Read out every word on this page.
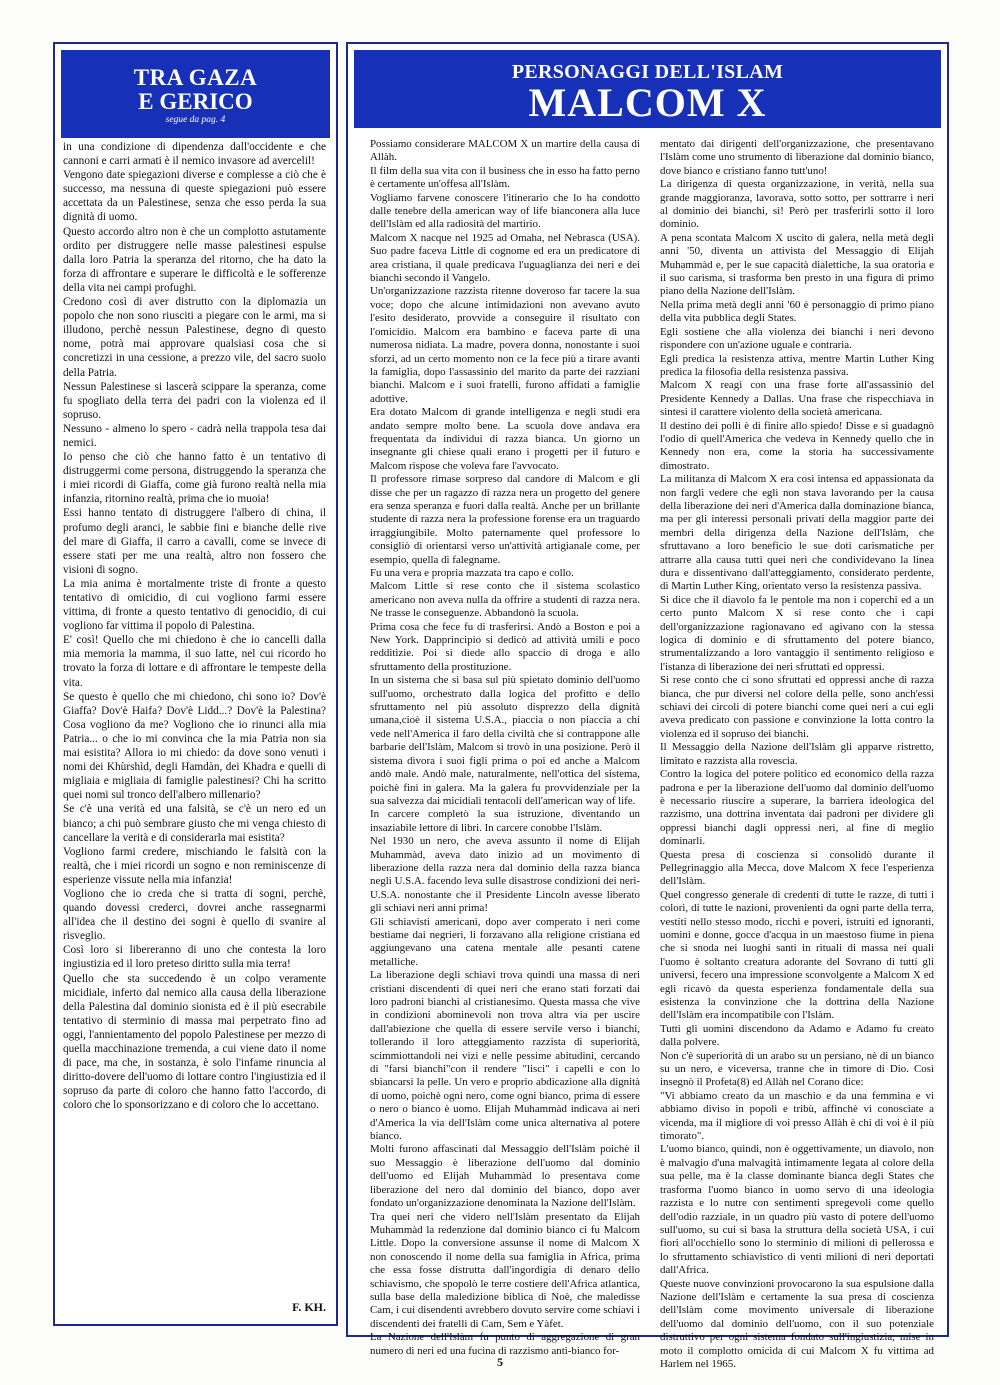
TRA GAZA
E GERICO
segue da pag. 4

in una condizione di dipendenza dall'occidente e che cannoni e carri armati è il nemico invasore ad avercelil!

Vengono date spiegazioni diverse e complesse a ciò che è successo, ma nessuna di queste spiegazioni può essere accettata da un Palestinese, senza che esso perda la sua dignità di uomo.

Questo accordo altro non è che un complotto astutamente ordito per distruggere nelle masse palestinesi espulse dalla loro Patria la speranza del ritorno, che ha dato la forza di affrontare e superare le difficoltà e le sofferenze della vita nei campi profughi.

Credono così di aver distrutto con la diplomazia un popolo che non sono riusciti a piegare con le armi, ma si illudono, perchè nessun Palestinese, degno di questo nome, potrà mai approvare qualsiasi cosa che si concretizzi in una cessione, a prezzo vile, del sacro suolo della Patria.

Nessun Palestinese si lascerà scippare la speranza, come fu spogliato della terra dei padri con la violenza ed il sopruso.

Nessuno - almeno lo spero - cadrà nella trappola tesa dai nemici.

Io penso che ciò che hanno fatto è un tentativo di distruggermi come persona, distruggendo la speranza che i miei ricordi di Giaffa, come già furono realtà nella mia infanzia, ritornino realtà, prima che io muoia!

Essi hanno tentato di distruggere l'albero di china, il profumo degli aranci, le sabbie fini e bianche delle rive del mare di Giaffa, il carro a cavalli, come se invece di essere stati per me una realtà, altro non fossero che visioni di sogno.

La mia anima è mortalmente triste di fronte a questo tentativo di omicidio, di cui vogliono farmi essere vittima, di fronte a questo tentativo di genocidio, di cui vogliono far vittima il popolo di Palestina.

E' così! Quello che mi chiedono è che io cancelli dalla mia memoria la mamma, il suo latte, nel cui ricordo ho trovato la forza di lottare e di affrontare le tempeste della vita.

Se questo è quello che mi chiedono, chi sono io? Dov'è Giaffa? Dov'è Haifa? Dov'è Lidd...? Dov'è la Palestina? Cosa vogliono da me? Vogliono che io rinunci alla mia Patria... o che io mi convinca che la mia Patria non sia mai esistita? Allora io mi chiedo: da dove sono venuti i nomi dei Khùrshìd, degli Hamdàn, dei Khadra e quelli di migliaia e migliaia di famiglie palestinesi? Chi ha scritto quei nomi sul tronco dell'albero millenario?

Se c'è una verità ed una falsità, se c'è un nero ed un bianco; a chi può sembrare giusto che mi venga chiesto di cancellare la verità e di considerarla mai esistita?

Vogliono farmi credere, mischiando le falsità con la realtà, che i miei ricordi un sogno e non reminiscenze di esperienze vissute nella mia infanzia!

Vogliono che io creda che si tratta di sogni, perchè, quando dovessi crederci, dovrei anche rassegnarmi all'idea che il destino dei sogni è quello di svanire al risveglio.

Così loro si libereranno di uno che contesta la loro ingiustizia ed il loro preteso diritto sulla mia terra!

Quello che sta succedendo è un colpo veramente micidiale, inferto dal nemico alla causa della liberazione della Palestina dal dominio sionista ed è il più esecrabile tentativo di sterminio di massa mai perpetrato fino ad oggi, l'annientamento del popolo Palestinese per mezzo di quella macchinazione tremenda, a cui viene dato il nome di pace, ma che, in sostanza, è solo l'infame rinuncia al diritto-dovere dell'uomo di lottare contro l'ingiustizia ed il sopruso da parte di coloro che hanno fatto l'accordo, di coloro che lo sponsorizzano e di coloro che lo accettano.

F. KH.
PERSONAGGI DELL'ISLAM
MALCOM X

Possiamo considerare MALCOM X un martire della causa di Allàh.

Il film della sua vita con il business che in esso ha fatto perno è certamente un'offesa all'Islàm.

Vogliamo farvene conoscere l'itinerario che lo ha condotto dalle tenebre della american way of life bianconera alla luce dell'Islàm ed alla radiosità del martirio.

Malcom X nacque nel 1925 ad Omaha, nel Nebrasca (USA). Suo padre faceva Little di cognome ed era un predicatore di area cristiana, il quale predicava l'uguaglianza dei neri e dei bianchi secondo il Vangelo.

Un'organizzazione razzista ritenne doveroso far tacere la sua voce; dopo che alcune intimidazioni non avevano avuto l'esito desiderato, provvide a conseguire il risultato con l'omicidio. Malcom era bambino e faceva parte di una numerosa nidiata. La madre, povera donna, nonostante i suoi sforzi, ad un certo momento non ce la fece più a tirare avanti la famiglia, dopo l'assassinio del marito da parte dei razziani bianchi. Malcom e i suoi fratelli, furono affidati a famiglie adottive.

Era dotato Malcom di grande intelligenza e negli studi era andato sempre molto bene. La scuola dove andava era frequentata da individui di razza bianca. Un giorno un insegnante gli chiese quali erano i progetti per il futuro e Malcom rispose che voleva fare l'avvocato.

Il professore rimase sorpreso dal candore di Malcom e gli disse che per un ragazzo di razza nera un progetto del genere era senza speranza e fuori dalla realtà. Anche per un brillante studente di razza nera la professione forense era un traguardo irraggiungibile. Molto paternamente quel professore lo consigliò di orientarsi verso un'attività artigianale come, per esempio, quella di falegname.

Fu una vera e propria mazzata tra capo e collo.

Malcom Little si rese conto che il sistema scolastico americano non aveva nulla da offrire a studenti di razza nera. Ne trasse le conseguenze. Abbandonò la scuola.

Prima cosa che fece fu di trasferirsi. Andò a Boston e poi a New York. Dapprincipio si dedicò ad attività umili e poco redditizie. Poi si diede allo spaccio di droga e allo sfruttamento della prostituzione.

In un sistema che si basa sul più spietato dominio dell'uomo sull'uomo, orchestrato dalla logica del profitto e dello sfruttamento nel più assoluto disprezzo della dignità umana,cioè il sistema U.S.A., piaccia o non piaccia a chi vede nell'America il faro della civiltà che si contrappone alle barbarie dell'Islàm, Malcom si trovò in una posizione. Però il sistema divora i suoi figli prima o poi ed anche a Malcom andò male. Andò male, naturalmente, nell'ottica del sistema, poichè finì in galera. Ma la galera fu provvidenziale per la sua salvezza dai micidiali tentacoli dell'american way of life.

In carcere completò la sua istruzione, diventando un insaziabile lettore di libri. In carcere conobbe l'Islàm.

Nel 1930 un nero, che aveva assunto il nome di Elijah Muhammàd, aveva dato inizio ad un movimento di liberazione della razza nera dal dominio della razza bianca negli U.S.A. facendo leva sulle disastrose condizioni dei neri-U.S.A. nonostante che il Presidente Lincoln avesse liberato gli schiavi neri anni prima!

Gli schiavisti americani, dopo aver comperato i neri come bestiame dai negrieri, li forzavano alla religione cristiana ed aggiungevano una catena mentale alle pesanti catene metalliche.

La liberazione degli schiavi trova quindi una massa di neri cristiani discendenti di quei neri che erano stati forzati dai loro padroni bianchi al cristianesimo. Questa massa che vive in condizioni abominevoli non trova altra via per uscire dall'abiezione che quella di essere servile verso i bianchi, tollerando il loro atteggiamento razzista di superiorità, scimmiottandoli nei vizi e nelle pessime abitudini, cercando di "farsi bianchi"con il rendere "lisci" i capelli e con lo sbiancarsi la pelle. Un vero e proprio abdicazione alla dignità di uomo, poichè ogni nero, come ogni bianco, prima di essere o nero o bianco è uomo. Elijah Muhammàd indicava ai neri d'America la via dell'Islàm come unica alternativa al potere bianco.

Molti furono affascinati dal Messaggio dell'Islàm poichè il suo Messaggio è liberazione dell'uomo dal dominio dell'uomo ed Elijah Muhammàd lo presentava come liberazione del nero dal dominio del bianco, dopo aver fondato un'organizzazione denominata la Nazione dell'Islàm.

Tra quei neri che videro nell'Islàm presentato da Elijah Muhammàd la redenzione dal dominio bianco ci fu Malcom Little. Dopo la conversione assunse il nome di Malcom X non conoscendo il nome della sua famiglia in Africa, prima che essa fosse distrutta dall'ingordigia di denaro dello schiavismo, che spopolò le terre costiere dell'Africa atlantica, sulla base della maledizione biblica di Noè, che maledisse Cam, i cui disendenti avrebbero dovuto servire come schiavi i discendenti dei fratelli di Cam, Sem e Yàfet.

La Nazione dell'Islàm fu punto di aggregazione di gran numero di neri ed una fucina di razzismo anti-bianco for-

mentato dai dirigenti dell'organizzazione, che presentavano l'Islàm come uno strumento di liberazione dal dominio bianco, dove bianco e cristiano fanno tutt'uno!

La dirigenza di questa organizzazione, in verità, nella sua grande maggioranza, lavorava, sotto sotto, per sottrarre i neri al dominio dei bianchi, sì! Però per trasferirli sotto il loro dominio.

A pena scontata Malcom X uscito di galera, nella metà degli anni '50, diventa un attivista del Messaggio di Elijah Muhammàd e, per le sue capacità dialettiche, la sua oratoria e il suo carisma, si trasforma ben presto in una figura di primo piano della Nazione dell'Islàm.

Nella prima metà degli anni '60 è personaggio di primo piano della vita pubblica degli States.

Egli sostiene che alla violenza dei bianchi i neri devono rispondere con un'azione uguale e contraria.

Egli predica la resistenza attiva, mentre Martin Luther King predica la filosofia della resistenza passiva.

Malcom X reagì con una frase forte all'assassinio del Presidente Kennedy a Dallas. Una frase che rispecchiava in sintesi il carattere violento della società americana.

Il destino dei polli è di finire allo spiedo! Disse e si guadagnò l'odio di quell'America che vedeva in Kennedy quello che in Kennedy non era, come la storia ha successivamente dimostrato.

La militanza di Malcom X era così intensa ed appassionata da non fargli vedere che egli non stava lavorando per la causa della liberazione dei neri d'America dalla dominazione bianca, ma per gli interessi personali privati della maggior parte dei membri della dirigenza della Nazione dell'Islàm, che sfruttavano a loro beneficio le sue doti carismatiche per attrarre alla causa tutti quei neri che condividevano la linea dura e dissentivano dall'atteggiamento, considerato perdente, di Martin Luther King, orientato verso la resistenza passiva.

Si dice che il diavolo fa le pentole ma non i coperchi ed a un certo punto Malcom X si rese conto che i capi dell'organizzazione ragionavano ed agivano con la stessa logica di dominio e di sfruttamento del potere bianco, strumentalizzando a loro vantaggio il sentimento religioso e l'istanza di liberazione dei neri sfruttati ed oppressi.

Si rese conto che ci sono sfruttati ed oppressi anche di razza bianca, che pur diversi nel colore della pelle, sono anch'essi schiavi dei circoli di potere bianchi come quei neri a cui egli aveva predicato con passione e convinzione la lotta contro la violenza ed il sopruso dei bianchi.

Il Messaggio della Nazione dell'Islàm gli apparve ristretto, limitato e razzista alla rovescia.

Contro la logica del potere politico ed economico della razza padrona e per la liberazione dell'uomo dal dominio dell'uomo è necessario riuscire a superare, la barriera ideologica del razzismo, una dottrina inventata dai padroni per dividere gli oppressi bianchi dagli oppressi neri, al fine di meglio dominarli.

Questa presa di coscienza si consolidò durante il Pellegrinaggio alla Mecca, dove Malcom X fece l'esperienza dell'Islàm.

Quel congresso generale di credenti di tutte le razze, di tutti i colori, di tutte le nazioni, provenienti da ogni parte della terra, vestiti nello stesso modo, ricchi e poveri, istruiti ed ignoranti, uomini e donne, gocce d'acqua in un maestoso fiume in piena che si snoda nei luoghi santi in rituali di massa nei quali l'uomo è soltanto creatura adorante del Sovrano di tutti gli universi, fecero una impressione sconvolgente a Malcom X ed egli ricavò da questa esperienza fondamentale della sua esistenza la convinzione che la dottrina della Nazione dell'Islàm era incompatibile con l'Islàm.

Tutti gli uomini discendono da Adamo e Adamo fu creato dalla polvere.

Non c'è superiorità di un arabo su un persiano, nè di un bianco su un nero, e viceversa, tranne che in timore di Dio. Così insegnò il Profeta(8) ed Allàh nel Corano dice:

"Vi abbiamo creato da un maschio e da una femmina e vi abbiamo diviso in popoli e tribù, affinchè vi conosciate a vicenda, ma il migliore di voi presso Allàh è chi di voi è il più timorato".

L'uomo bianco, quindi, non è oggettivamente, un diavolo, non è malvagio d'una malvagità intimamente legata al colore della sua pelle, ma è la classe dominante bianca degli States che trasforma l'uomo bianco in uomo servo di una ideologia razzista e lo nutre con sentimenti spregevoli come quello dell'odio razziale, in un quadro più vasto di potere dell'uomo sull'uomo, su cui si basa la struttura della società USA, i cui fiori all'occhiello sono lo sterminio di milioni di pellerossa e lo sfruttamento schiavistico di venti milioni di neri deportati dall'Africa.

Queste nuove convinzioni provocarono la sua espulsione dalla Nazione dell'Islàm e certamente la sua presa di coscienza dell'Islàm come movimento universale di liberazione dell'uomo dal dominio dell'uomo, con il suo potenziale distruttivo per ogni sistema fondato sull'ingiustizia, mise in moto il complotto omicida di cui Malcom X fu vittima ad Harlem nel 1965.

5
